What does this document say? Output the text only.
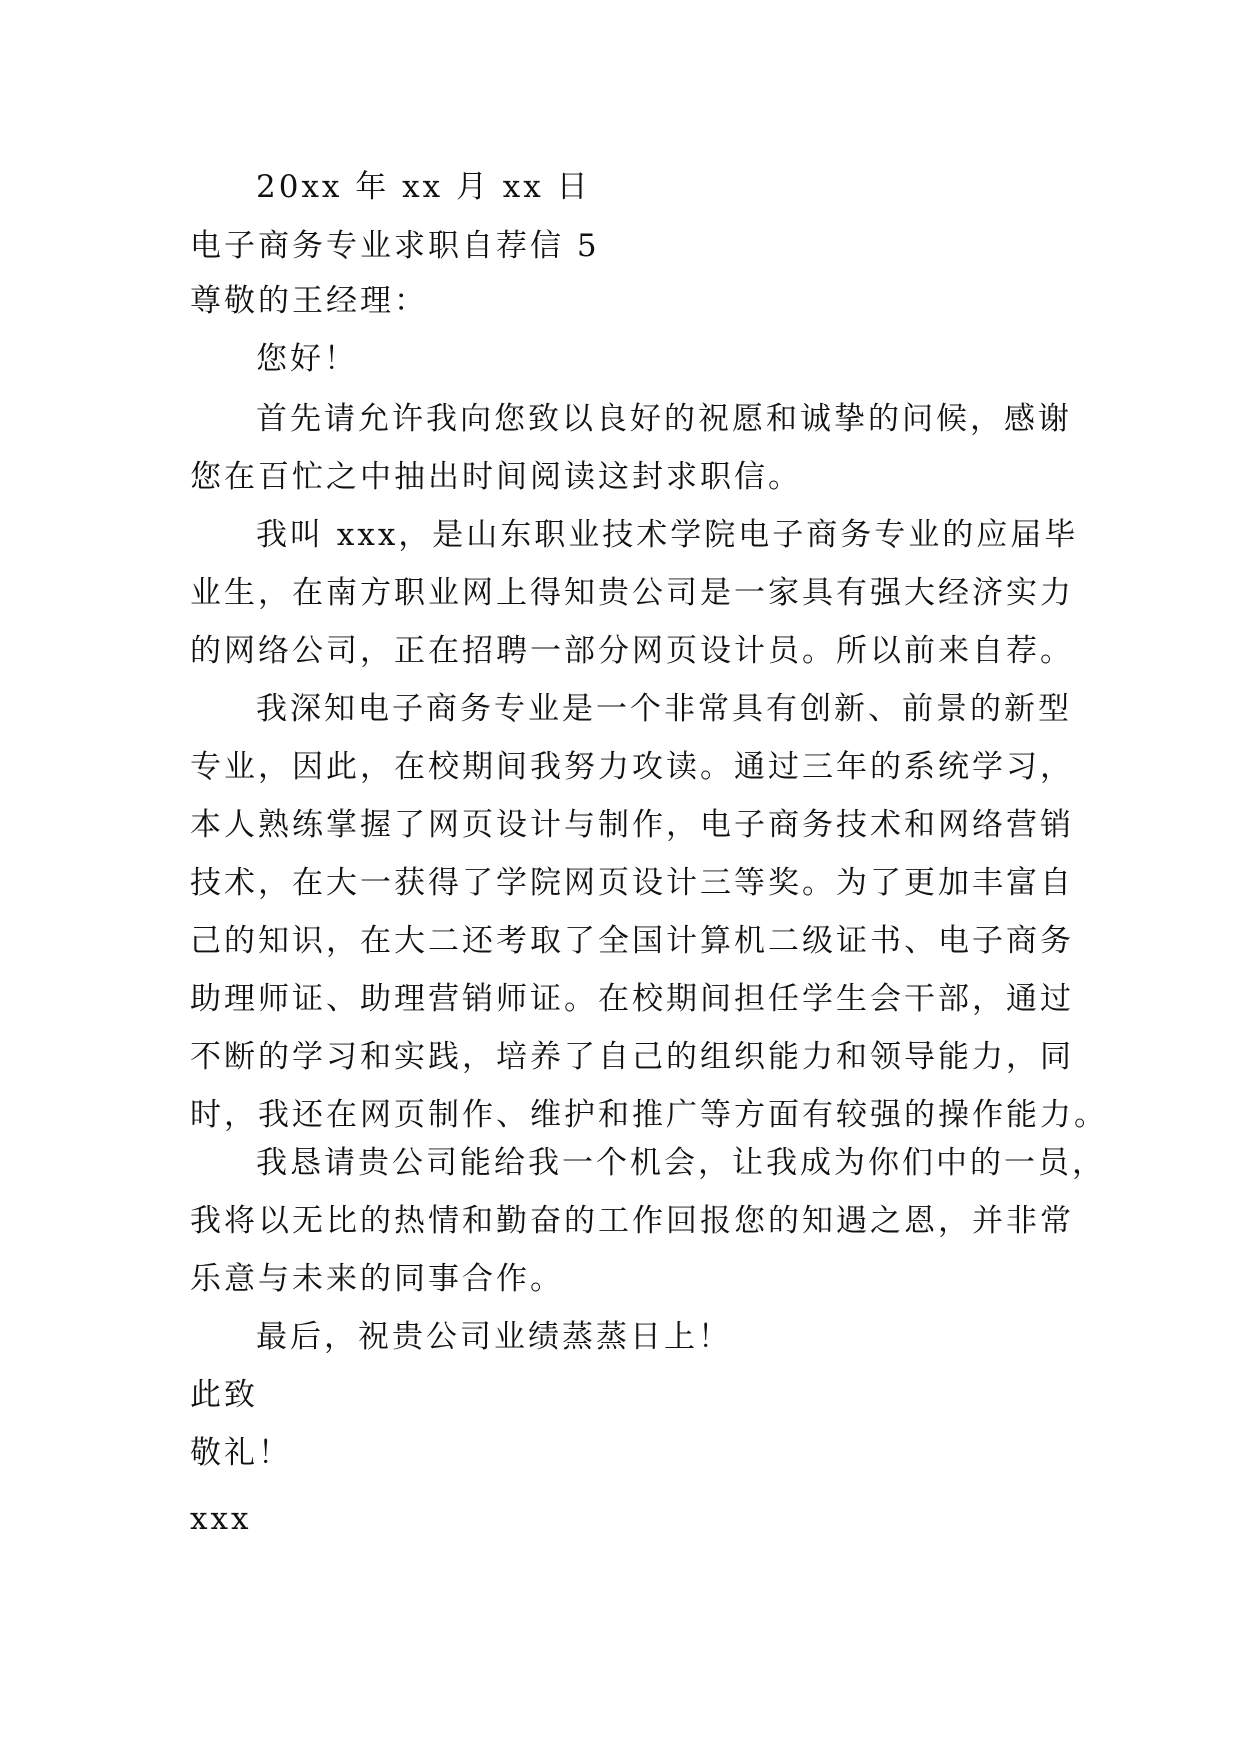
20xx 年 xx 月 xx 日
电子商务专业求职自荐信 5
尊敬的王经理：
您好！
首先请允许我向您致以良好的祝愿和诚挚的问候，感谢
您在百忙之中抽出时间阅读这封求职信。
我叫 xxx，是山东职业技术学院电子商务专业的应届毕
业生，在南方职业网上得知贵公司是一家具有强大经济实力
的网络公司，正在招聘一部分网页设计员。所以前来自荐。
我深知电子商务专业是一个非常具有创新、前景的新型
专业，因此，在校期间我努力攻读。通过三年的系统学习，
本人熟练掌握了网页设计与制作，电子商务技术和网络营销
技术，在大一获得了学院网页设计三等奖。为了更加丰富自
己的知识，在大二还考取了全国计算机二级证书、电子商务
助理师证、助理营销师证。在校期间担任学生会干部，通过
不断的学习和实践，培养了自己的组织能力和领导能力，同
时，我还在网页制作、维护和推广等方面有较强的操作能力。
我恳请贵公司能给我一个机会，让我成为你们中的一员，
我将以无比的热情和勤奋的工作回报您的知遇之恩，并非常
乐意与未来的同事合作。
最后，祝贵公司业绩蒸蒸日上！
此致
敬礼！
xxx
